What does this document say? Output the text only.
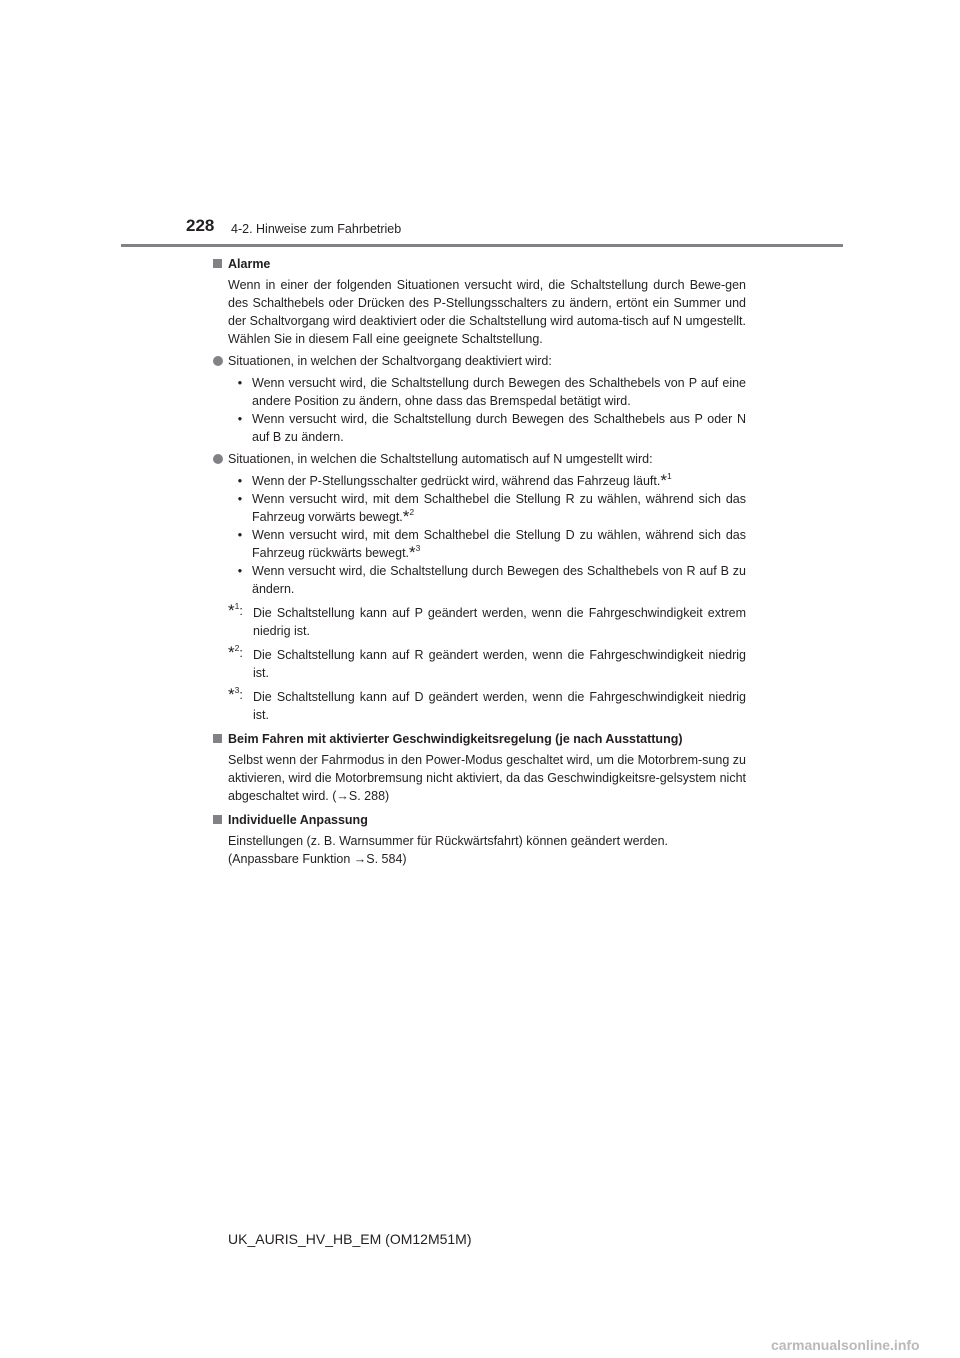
228 4-2. Hinweise zum Fahrbetrieb
Alarme
Wenn in einer der folgenden Situationen versucht wird, die Schaltstellung durch Bewe-gen des Schalthebels oder Drücken des P-Stellungsschalters zu ändern, ertönt ein Summer und der Schaltvorgang wird deaktiviert oder die Schaltstellung wird automa-tisch auf N umgestellt. Wählen Sie in diesem Fall eine geeignete Schaltstellung.
Situationen, in welchen der Schaltvorgang deaktiviert wird:
• Wenn versucht wird, die Schaltstellung durch Bewegen des Schalthebels von P auf eine andere Position zu ändern, ohne dass das Bremspedal betätigt wird.
• Wenn versucht wird, die Schaltstellung durch Bewegen des Schalthebels aus P oder N auf B zu ändern.
Situationen, in welchen die Schaltstellung automatisch auf N umgestellt wird:
• Wenn der P-Stellungsschalter gedrückt wird, während das Fahrzeug läuft.*$^1$
• Wenn versucht wird, mit dem Schalthebel die Stellung R zu wählen, während sich das Fahrzeug vorwärts bewegt.*$^2$
• Wenn versucht wird, mit dem Schalthebel die Stellung D zu wählen, während sich das Fahrzeug rückwärts bewegt.*$^3$
• Wenn versucht wird, die Schaltstellung durch Bewegen des Schalthebels von R auf B zu ändern.
*$^1$: Die Schaltstellung kann auf P geändert werden, wenn die Fahrgeschwindigkeit extrem niedrig ist.
*$^2$: Die Schaltstellung kann auf R geändert werden, wenn die Fahrgeschwindigkeit niedrig ist.
*$^3$: Die Schaltstellung kann auf D geändert werden, wenn die Fahrgeschwindigkeit niedrig ist.
Beim Fahren mit aktivierter Geschwindigkeitsregelung (je nach Ausstattung)
Selbst wenn der Fahrmodus in den Power-Modus geschaltet wird, um die Motorbrem-sung zu aktivieren, wird die Motorbremsung nicht aktiviert, da das Geschwindigkeitsre-gelsystem nicht abgeschaltet wird. (→S. 288)
Individuelle Anpassung
Einstellungen (z. B. Warnsummer für Rückwärtsfahrt) können geändert werden.
(Anpassbare Funktion →S. 584)
UK_AURIS_HV_HB_EM (OM12M51M)
carmanualsonline.info
